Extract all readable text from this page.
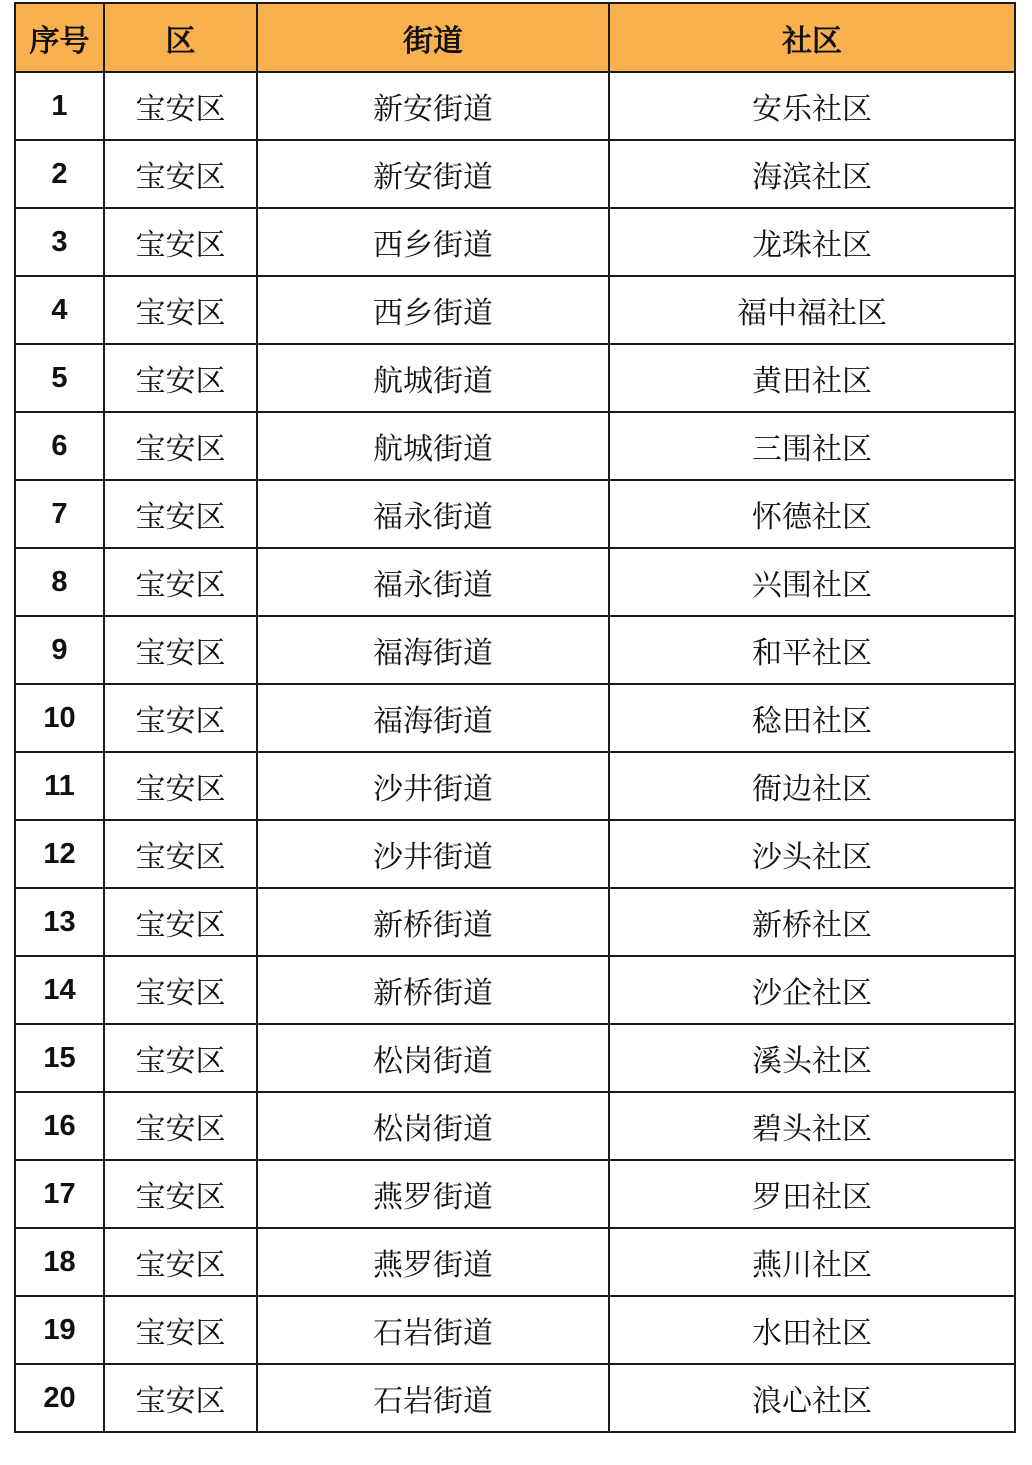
序号	区	街道	社区
1	宝安区	新安街道	安乐社区
2	宝安区	新安街道	海滨社区
3	宝安区	西乡街道	龙珠社区
4	宝安区	西乡街道	福中福社区
5	宝安区	航城街道	黄田社区
6	宝安区	航城街道	三围社区
7	宝安区	福永街道	怀德社区
8	宝安区	福永街道	兴围社区
9	宝安区	福海街道	和平社区
10	宝安区	福海街道	稔田社区
11	宝安区	沙井街道	衙边社区
12	宝安区	沙井街道	沙头社区
13	宝安区	新桥街道	新桥社区
14	宝安区	新桥街道	沙企社区
15	宝安区	松岗街道	溪头社区
16	宝安区	松岗街道	碧头社区
17	宝安区	燕罗街道	罗田社区
18	宝安区	燕罗街道	燕川社区
19	宝安区	石岩街道	水田社区
20	宝安区	石岩街道	浪心社区
